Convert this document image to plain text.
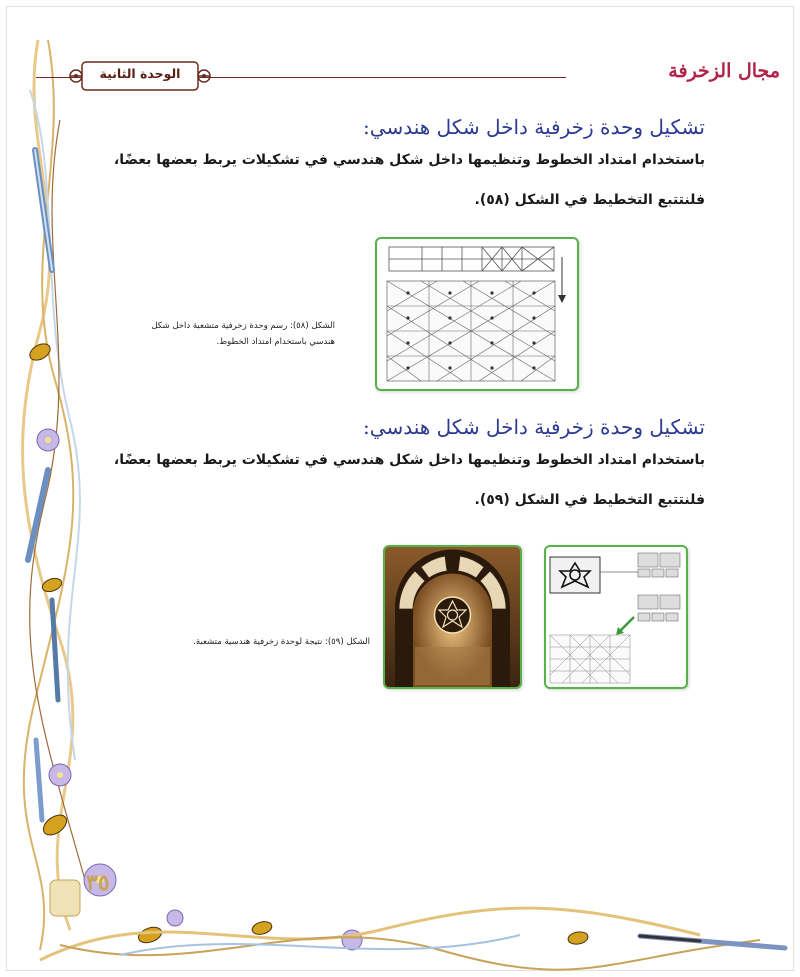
مجال الزخرفة
الوحدة الثانية
تشكيل وحدة زخرفية داخل شكل هندسي:
باستخدام امتداد الخطوط وتنظيمها داخل شكل هندسي في تشكيلات يربط بعضها بعضًا، فلنتتبع التخطيط في الشكل (٥٨).
الشكل (٥٨): رسم وحدة زخرفية متشعبة داخل شكل هندسي باستخدام امتداد الخطوط.
تشكيل وحدة زخرفية داخل شكل هندسي:
باستخدام امتداد الخطوط وتنظيمها داخل شكل هندسي في تشكيلات يربط بعضها بعضًا، فلنتتبع التخطيط في الشكل (٥٩).
الشكل (٥٩): نتيجة لوحدة زخرفية هندسية متشعبة.
٣٥
